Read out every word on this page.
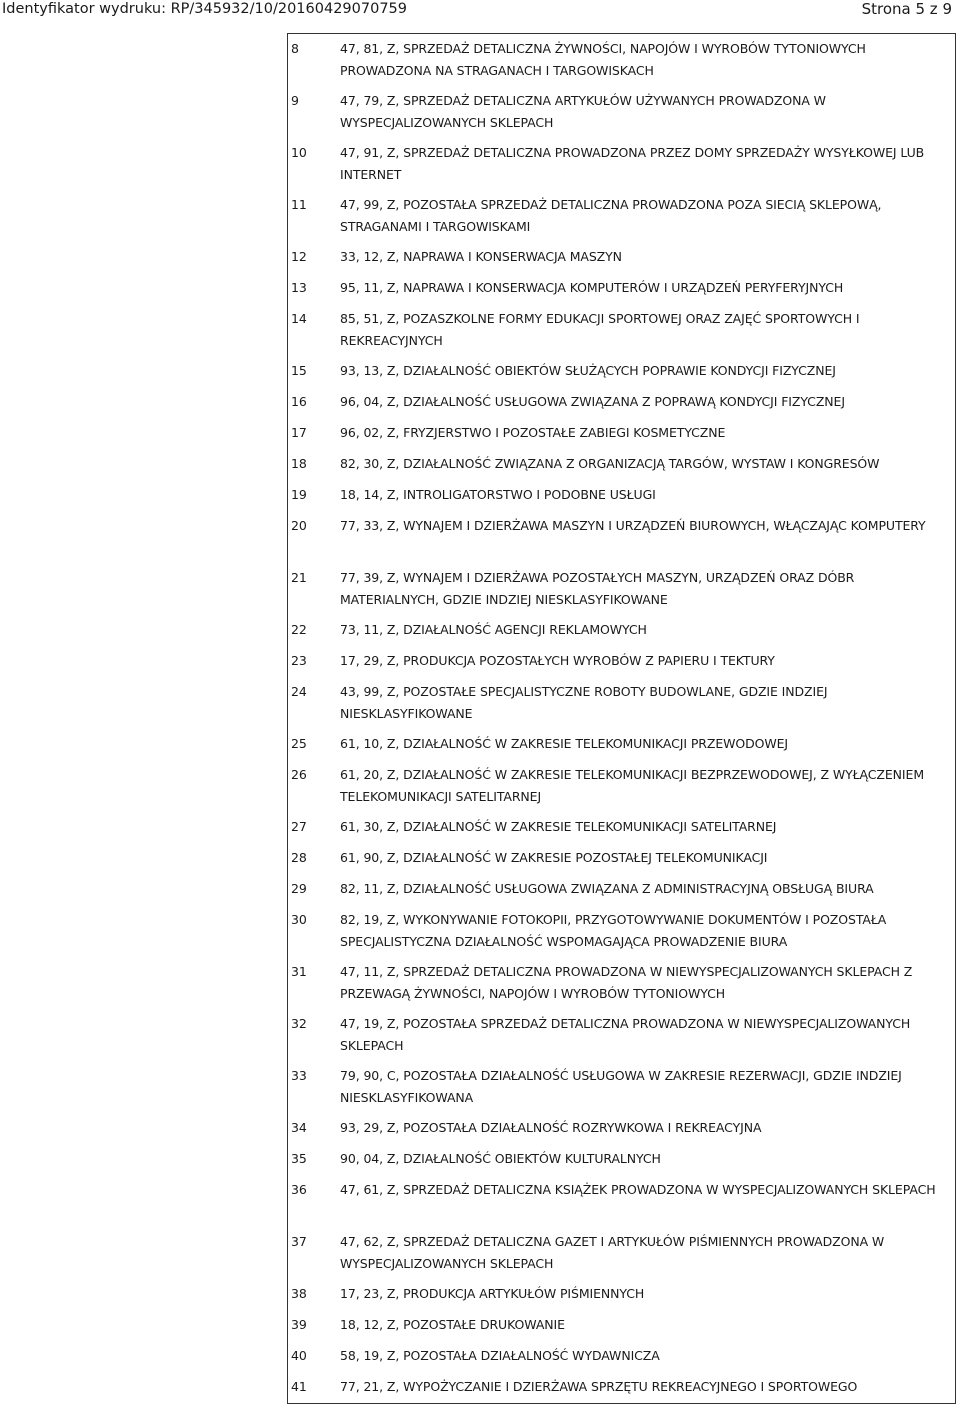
Identyfikator wydruku: RP/345932/10/20160429070759	Strona 5 z 9
8	47, 81, Z, SPRZEDAŻ DETALICZNA ŻYWNOŚCI, NAPOJÓW I WYROBÓW TYTONIOWYCH PROWADZONA NA STRAGANACH I TARGOWISKACH
9	47, 79, Z, SPRZEDAŻ DETALICZNA ARTYKUŁÓW UŻYWANYCH PROWADZONA W WYSPECJALIZOWANYCH SKLEPACH
10	47, 91, Z, SPRZEDAŻ DETALICZNA PROWADZONA PRZEZ DOMY SPRZEDAŻY WYSYŁKOWEJ LUB INTERNET
11	47, 99, Z, POZOSTAŁA SPRZEDAŻ DETALICZNA PROWADZONA POZA SIECIĄ SKLEPOWĄ, STRAGANAMI I TARGOWISKAMI
12	33, 12, Z, NAPRAWA I KONSERWACJA MASZYN
13	95, 11, Z, NAPRAWA I KONSERWACJA KOMPUTERÓW I URZĄDZEŃ PERYFERYJNYCH
14	85, 51, Z, POZASZKOLNE FORMY EDUKACJI SPORTOWEJ ORAZ ZAJĘĆ SPORTOWYCH I REKREACYJNYCH
15	93, 13, Z, DZIAŁALNOŚĆ OBIEKTÓW SŁUŻĄCYCH POPRAWIE KONDYCJI FIZYCZNEJ
16	96, 04, Z, DZIAŁALNOŚĆ USŁUGOWA ZWIĄZANA Z POPRAWĄ KONDYCJI FIZYCZNEJ
17	96, 02, Z, FRYZJERSTWO I POZOSTAŁE ZABIEGI KOSMETYCZNE
18	82, 30, Z, DZIAŁALNOŚĆ ZWIĄZANA Z ORGANIZACJĄ TARGÓW, WYSTAW I KONGRESÓW
19	18, 14, Z, INTROLIGATORSTWO I PODOBNE USŁUGI
20	77, 33, Z, WYNAJEM I DZIERŻAWA MASZYN I URZĄDZEŃ BIUROWYCH, WŁĄCZAJĄC KOMPUTERY
21	77, 39, Z, WYNAJEM I DZIERŻAWA POZOSTAŁYCH MASZYN, URZĄDZEŃ ORAZ DÓBR MATERIALNYCH, GDZIE INDZIEJ NIESKLASYFIKOWANE
22	73, 11, Z, DZIAŁALNOŚĆ AGENCJI REKLAMOWYCH
23	17, 29, Z, PRODUKCJA POZOSTAŁYCH WYROBÓW Z PAPIERU I TEKTURY
24	43, 99, Z, POZOSTAŁE SPECJALISTYCZNE ROBOTY BUDOWLANE, GDZIE INDZIEJ NIESKLASYFIKOWANE
25	61, 10, Z, DZIAŁALNOŚĆ W ZAKRESIE TELEKOMUNIKACJI PRZEWODOWEJ
26	61, 20, Z, DZIAŁALNOŚĆ W ZAKRESIE TELEKOMUNIKACJI BEZPRZEWODOWEJ, Z WYŁĄCZENIEM TELEKOMUNIKACJI SATELITARNEJ
27	61, 30, Z, DZIAŁALNOŚĆ W ZAKRESIE TELEKOMUNIKACJI SATELITARNEJ
28	61, 90, Z, DZIAŁALNOŚĆ W ZAKRESIE POZOSTAŁEJ TELEKOMUNIKACJI
29	82, 11, Z, DZIAŁALNOŚĆ USŁUGOWA ZWIĄZANA Z ADMINISTRACYJNĄ OBSŁUGĄ BIURA
30	82, 19, Z, WYKONYWANIE FOTOKOPII, PRZYGOTOWYWANIE DOKUMENTÓW I POZOSTAŁA SPECJALISTYCZNA DZIAŁALNOŚĆ WSPOMAGAJĄCA PROWADZENIE BIURA
31	47, 11, Z, SPRZEDAŻ DETALICZNA PROWADZONA W NIEWYSPECJALIZOWANYCH SKLEPACH Z PRZEWAGĄ ŻYWNOŚCI, NAPOJÓW I WYROBÓW TYTONIOWYCH
32	47, 19, Z, POZOSTAŁA SPRZEDAŻ DETALICZNA PROWADZONA W NIEWYSPECJALIZOWANYCH SKLEPACH
33	79, 90, C, POZOSTAŁA DZIAŁALNOŚĆ USŁUGOWA W ZAKRESIE REZERWACJI, GDZIE INDZIEJ NIESKLASYFIKOWANA
34	93, 29, Z, POZOSTAŁA DZIAŁALNOŚĆ ROZRYWKOWA I REKREACYJNA
35	90, 04, Z, DZIAŁALNOŚĆ OBIEKTÓW KULTURALNYCH
36	47, 61, Z, SPRZEDAŻ DETALICZNA KSIĄŻEK PROWADZONA W WYSPECJALIZOWANYCH SKLEPACH
37	47, 62, Z, SPRZEDAŻ DETALICZNA GAZET I ARTYKUŁÓW PIŚMIENNYCH PROWADZONA W WYSPECJALIZOWANYCH SKLEPACH
38	17, 23, Z, PRODUKCJA ARTYKUŁÓW PIŚMIENNYCH
39	18, 12, Z, POZOSTAŁE DRUKOWANIE
40	58, 19, Z, POZOSTAŁA DZIAŁALNOŚĆ WYDAWNICZA
41	77, 21, Z, WYPOŻYCZANIE I DZIERŻAWA SPRZĘTU REKREACYJNEGO I SPORTOWEGO
